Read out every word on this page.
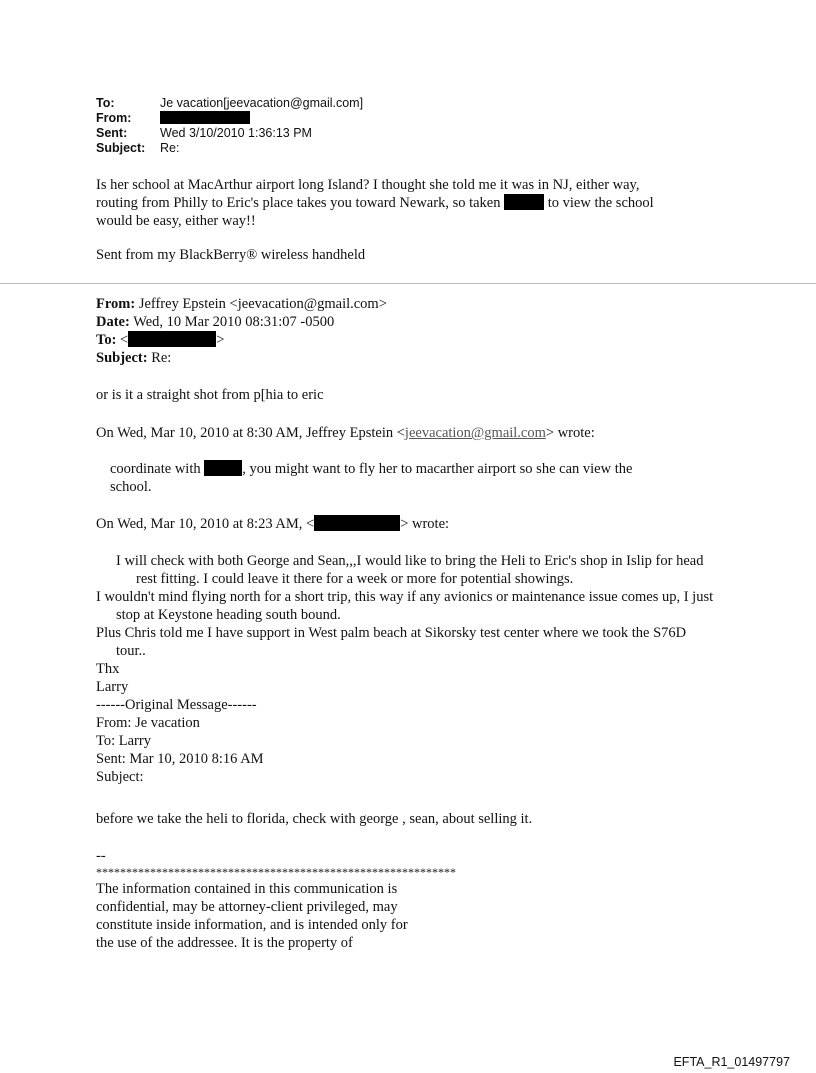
To:	Je vacation[jeevacation@gmail.com]
From:
Sent:	Wed 3/10/2010 1:36:13 PM
Subject:	Re:
Is her school at MacArthur airport long Island? I thought she told me it was in NJ, either way,
routing from Philly to Eric's place takes you toward Newark, so taken	to view the school
would be easy, either way!!
Sent from my BlackBerry® wireless handheld
From: Jeffrey Epstein <jeevacation@gmail.com>
Date: Wed, 10 Mar 2010 08:31:07 -0500
To: <	>
Subject: Re:
or is it a straight shot from p[hia to eric
On Wed, Mar 10, 2010 at 8:30 AM, Jeffrey Epstein <jeevacation@gmail.com> wrote:
coordinate with	, you might want to fly her to macarther airport so she can view the
school.
On Wed, Mar 10, 2010 at 8:23 AM, <	> wrote:
I will check with both George and Sean,,,I would like to bring the Heli to Eric's shop in Islip for head rest fitting. I could leave it there for a week or more for potential showings.
I wouldn't mind flying north for a short trip, this way if any avionics or maintenance issue comes up, I just stop at Keystone heading south bound.
Plus Chris told me I have support in West palm beach at Sikorsky test center where we took the S76D tour..
Thx
Larry
------Original Message------
From: Je vacation
To: Larry
Sent: Mar 10, 2010 8:16 AM
Subject:
before we take the heli to florida, check with george , sean, about selling it.
--
************************************************************
The information contained in this communication is
confidential, may be attorney-client privileged, may
constitute inside information, and is intended only for
the use of the addressee. It is the property of
EFTA_R1_01497797
